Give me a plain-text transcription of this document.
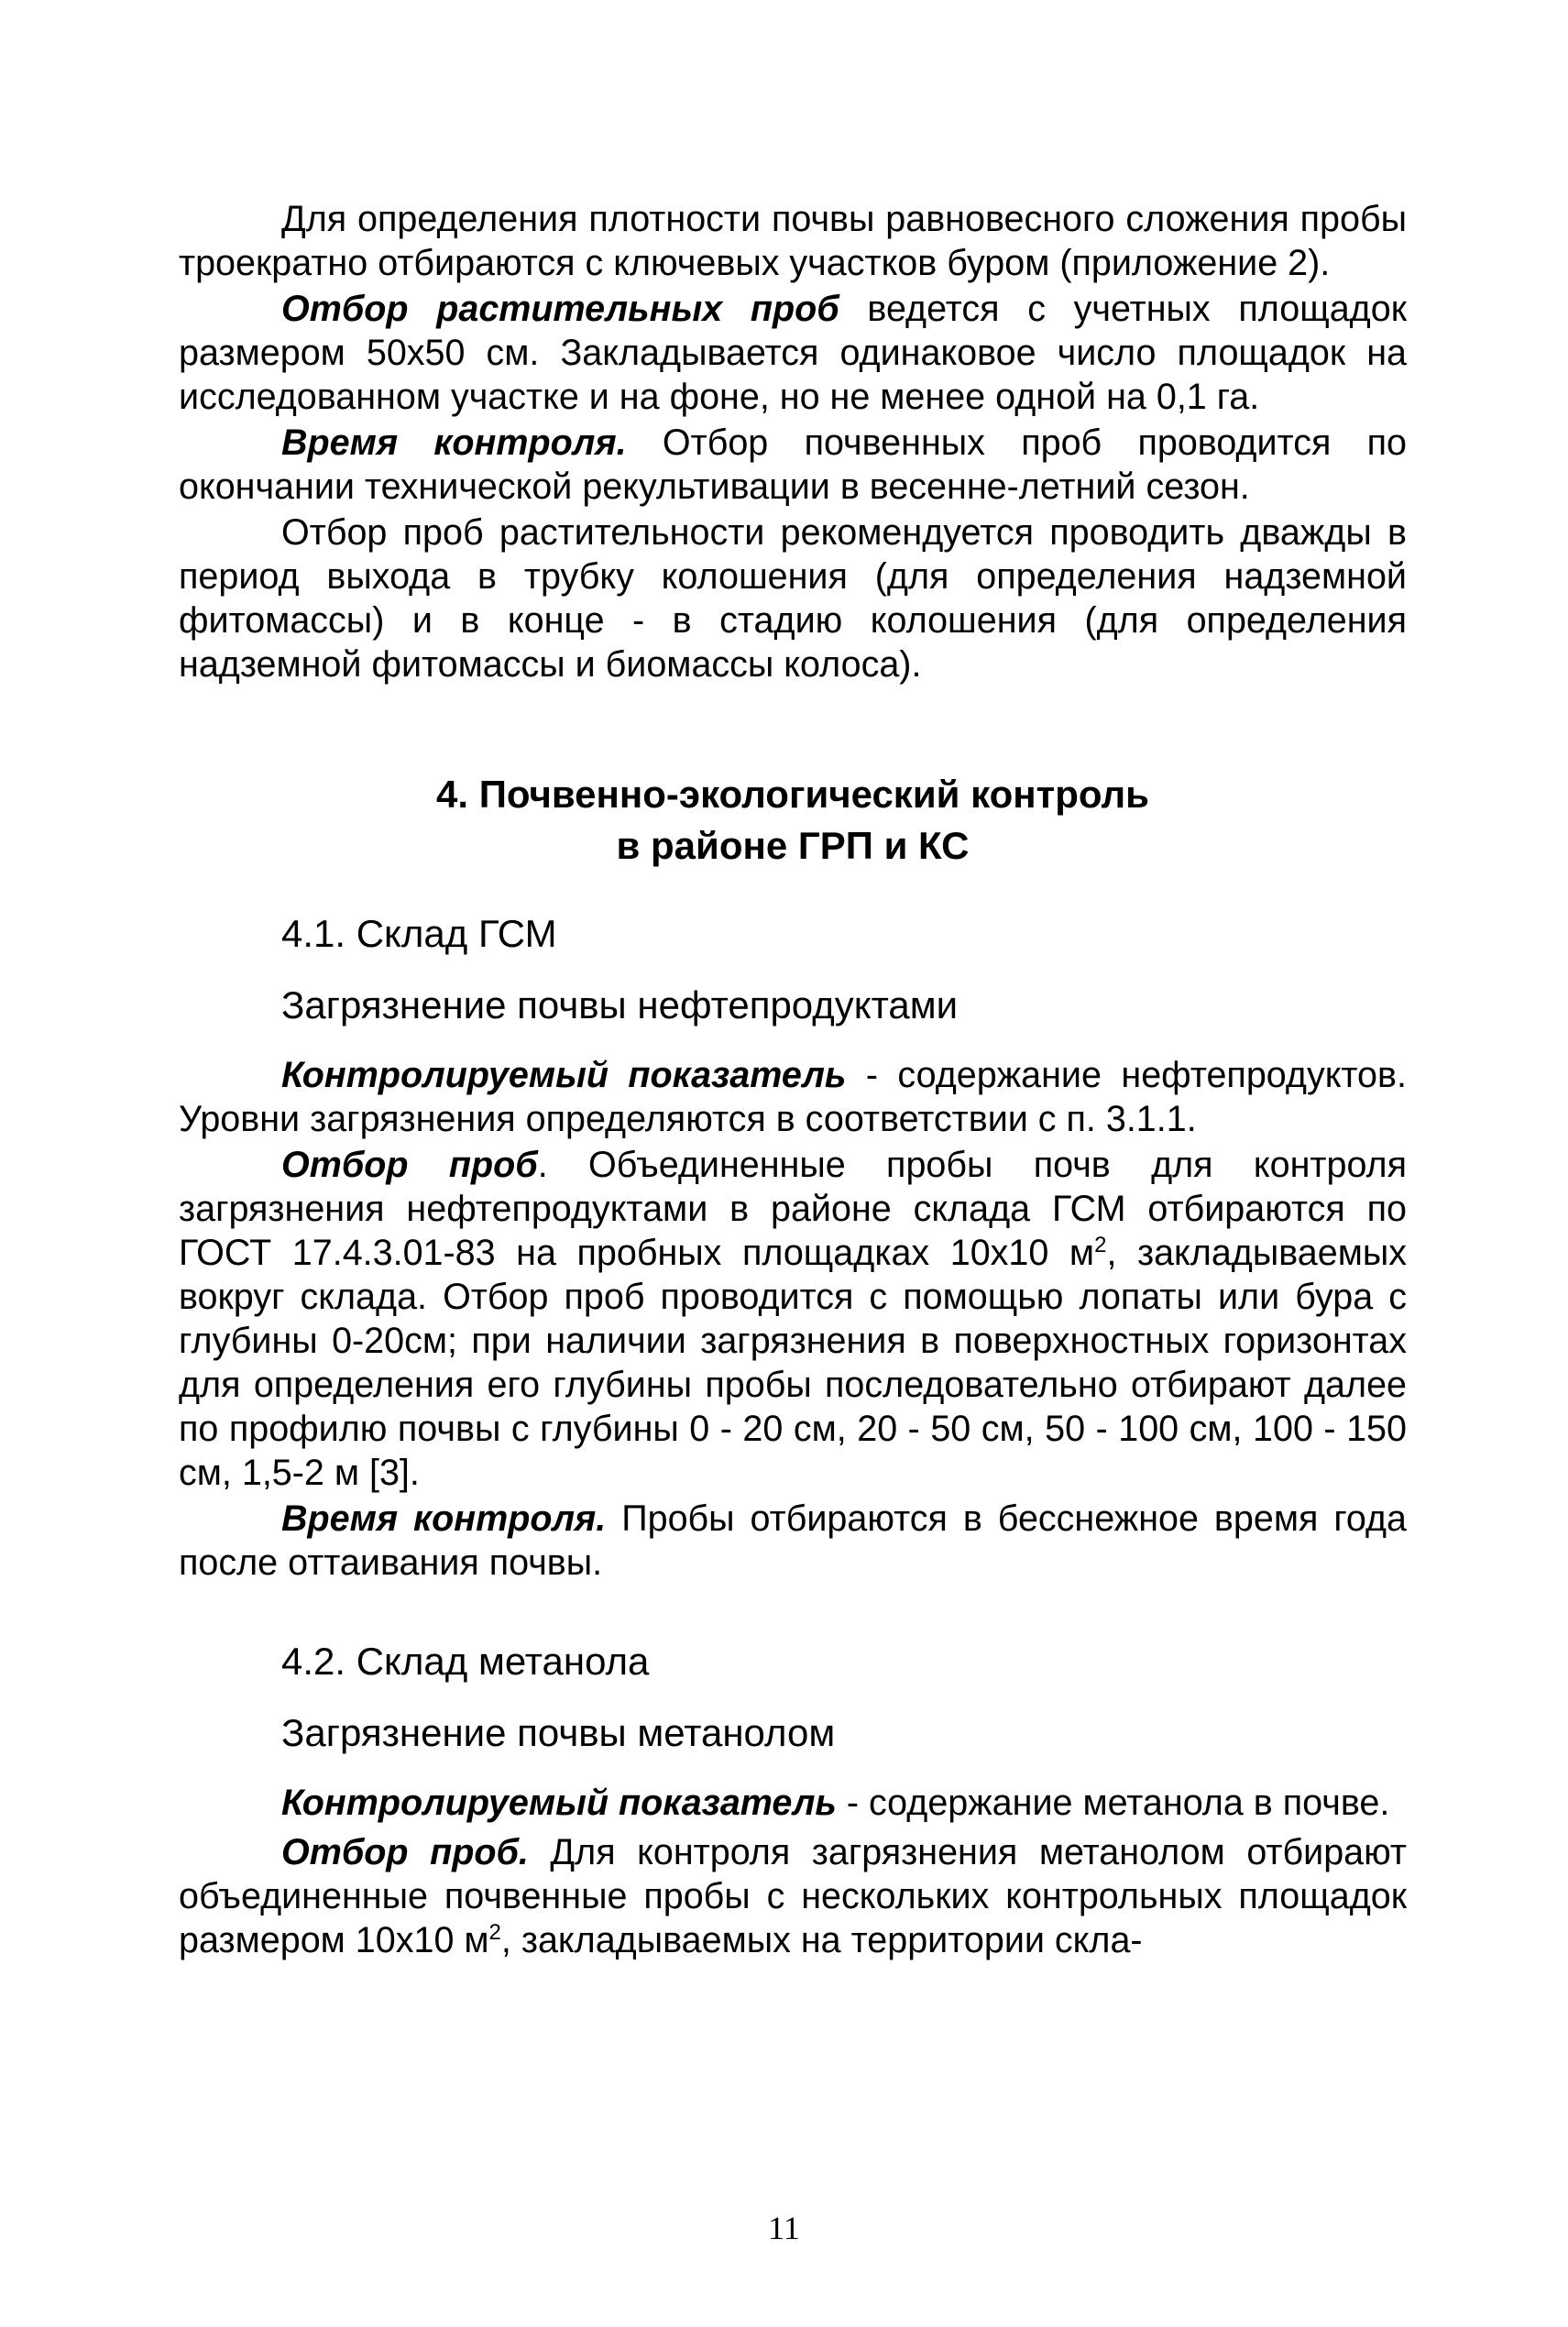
Для определения плотности почвы равновесного сложения пробы троекратно отбираются с ключевых участков буром (приложение 2).

Отбор растительных проб ведется с учетных площадок размером 50х50 см. Закладывается одинаковое число площадок на исследованном участке и на фоне, но не менее одной на 0,1 га.

Время контроля. Отбор почвенных проб проводится по окончании технической рекультивации в весенне-летний сезон.

Отбор проб растительности рекомендуется проводить дважды в период выхода в трубку колошения (для определения надземной фитомассы) и в конце - в стадию колошения (для определения надземной фитомассы и биомассы колоса).

4. Почвенно-экологический контроль
в районе ГРП и КС
4.1. Склад ГСМ
Загрязнение почвы нефтепродуктами

Контролируемый показатель - содержание нефтепродуктов. Уровни загрязнения определяются в соответствии с п. 3.1.1.

Отбор проб. Объединенные пробы почв для контроля загрязнения нефтепродуктами в районе склада ГСМ отбираются по ГОСТ 17.4.3.01-83 на пробных площадках 10х10 $м^2$, закладываемых вокруг склада. Отбор проб проводится с помощью лопаты или бура с глубины 0-20см; при наличии загрязнения в поверхностных горизонтах для определения его глубины пробы последовательно отбирают далее по профилю почвы с глубины 0 - 20 см, 20 - 50 см, 50 - 100 см, 100 - 150 см, 1,5-2 м [3].

Время контроля. Пробы отбираются в бесснежное время года после оттаивания почвы.

4.2. Склад метанола
Загрязнение почвы метанолом

Контролируемый показатель - содержание метанола в почве.

Отбор проб. Для контроля загрязнения метанолом отбирают объединенные почвенные пробы с нескольких контрольных площадок размером 10х10 $м^2$, закладываемых на территории скла-

11
